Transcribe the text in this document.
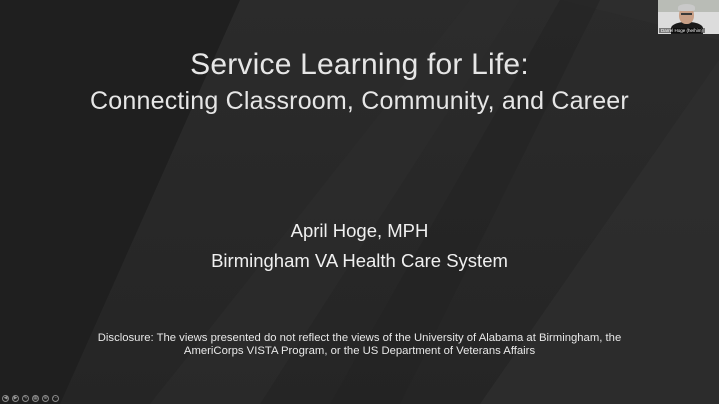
Service Learning for Life:
Connecting Classroom, Community, and Career
April Hoge, MPH
Birmingham VA Health Care System
Disclosure: The views presented do not reflect the views of the University of Alabama at Birmingham, the
AmeriCorps VISTA Program, or the US Department of Veterans Affairs
Darrel Hoge (he/him)
◀	▶	✎ ▦ ⊕ ⋯
